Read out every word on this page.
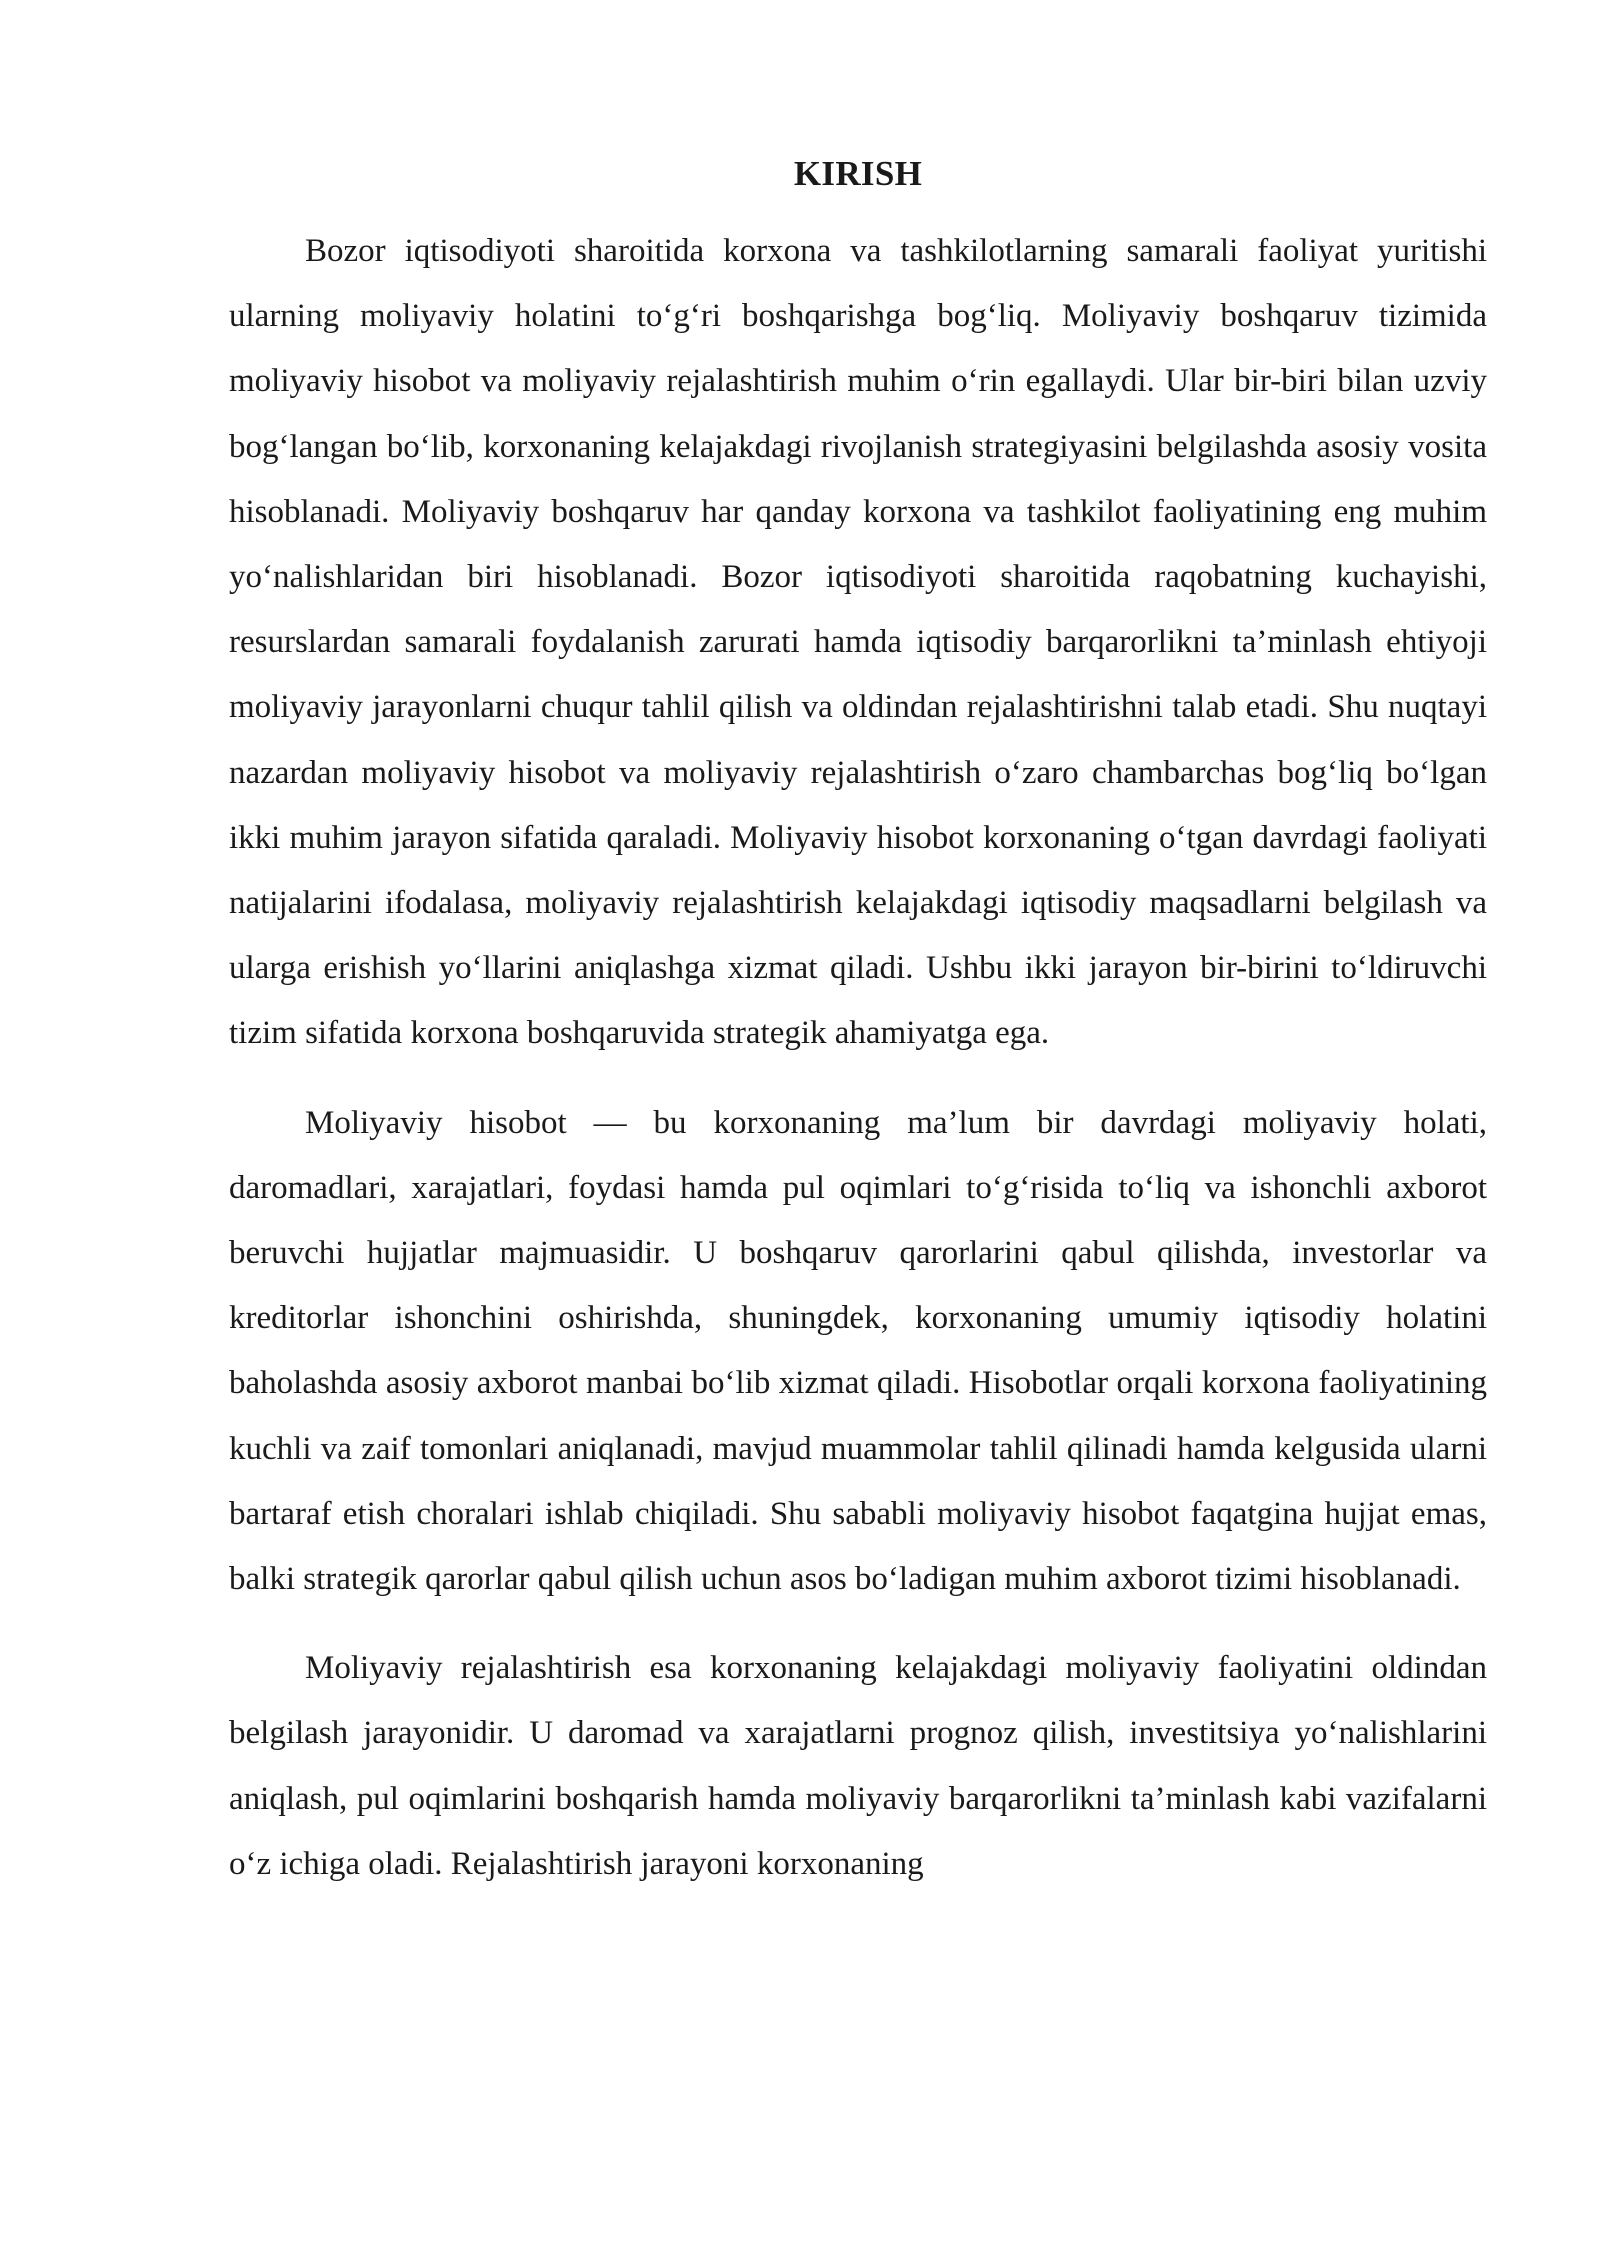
KIRISH

Bozor iqtisodiyoti sharoitida korxona va tashkilotlarning samarali faoliyat yuritishi ularning moliyaviy holatini to‘g‘ri boshqarishga bog‘liq. Moliyaviy boshqaruv tizimida moliyaviy hisobot va moliyaviy rejalashtirish muhim o‘rin egallaydi. Ular bir-biri bilan uzviy bog‘langan bo‘lib, korxonaning kelajakdagi rivojlanish strategiyasini belgilashda asosiy vosita hisoblanadi. Moliyaviy boshqaruv har qanday korxona va tashkilot faoliyatining eng muhim yo‘nalishlaridan biri hisoblanadi. Bozor iqtisodiyoti sharoitida raqobatning kuchayishi, resurslardan samarali foydalanish zarurati hamda iqtisodiy barqarorlikni ta’minlash ehtiyoji moliyaviy jarayonlarni chuqur tahlil qilish va oldindan rejalashtirishni talab etadi. Shu nuqtayi nazardan moliyaviy hisobot va moliyaviy rejalashtirish o‘zaro chambarchas bog‘liq bo‘lgan ikki muhim jarayon sifatida qaraladi. Moliyaviy hisobot korxonaning o‘tgan davrdagi faoliyati natijalarini ifodalasa, moliyaviy rejalashtirish kelajakdagi iqtisodiy maqsadlarni belgilash va ularga erishish yo‘llarini aniqlashga xizmat qiladi. Ushbu ikki jarayon bir-birini to‘ldiruvchi tizim sifatida korxona boshqaruvida strategik ahamiyatga ega.

Moliyaviy hisobot — bu korxonaning ma’lum bir davrdagi moliyaviy holati, daromadlari, xarajatlari, foydasi hamda pul oqimlari to‘g‘risida to‘liq va ishonchli axborot beruvchi hujjatlar majmuasidir. U boshqaruv qarorlarini qabul qilishda, investorlar va kreditorlar ishonchini oshirishda, shuningdek, korxonaning umumiy iqtisodiy holatini baholashda asosiy axborot manbai bo‘lib xizmat qiladi. Hisobotlar orqali korxona faoliyatining kuchli va zaif tomonlari aniqlanadi, mavjud muammolar tahlil qilinadi hamda kelgusida ularni bartaraf etish choralari ishlab chiqiladi. Shu sababli moliyaviy hisobot faqatgina hujjat emas, balki strategik qarorlar qabul qilish uchun asos bo‘ladigan muhim axborot tizimi hisoblanadi.

Moliyaviy rejalashtirish esa korxonaning kelajakdagi moliyaviy faoliyatini oldindan belgilash jarayonidir. U daromad va xarajatlarni prognoz qilish, investitsiya yo‘nalishlarini aniqlash, pul oqimlarini boshqarish hamda moliyaviy barqarorlikni ta’minlash kabi vazifalarni o‘z ichiga oladi. Rejalashtirish jarayoni korxonaning
